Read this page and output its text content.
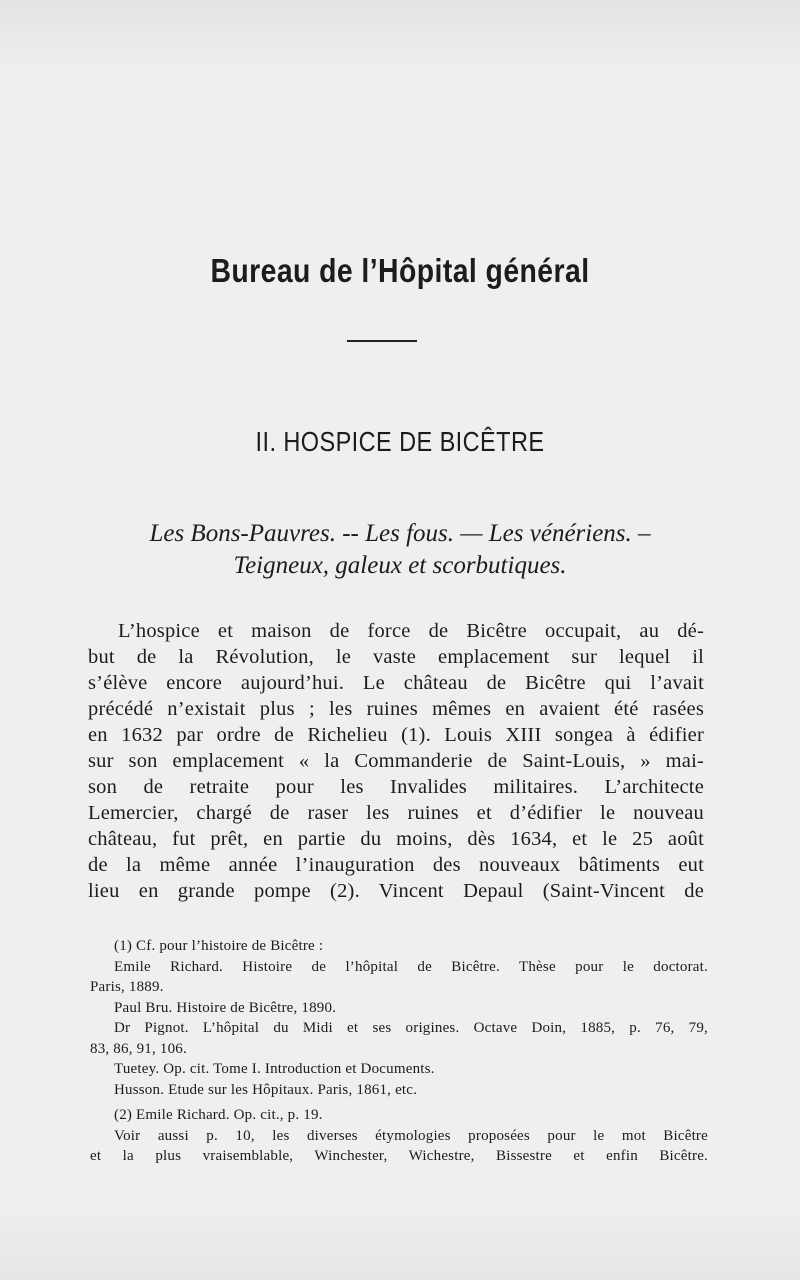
Bureau de l’Hôpital général
II. HOSPICE DE BICÊTRE
Les Bons-Pauvres. -- Les fous. — Les vénériens. –
Teigneux, galeux et scorbutiques.
L’hospice et maison de force de Bicêtre occupait, au dé-
but de la Révolution, le vaste emplacement sur lequel il
s’élève encore aujourd’hui. Le château de Bicêtre qui l’avait
précédé n’existait plus ; les ruines mêmes en avaient été rasées
en 1632 par ordre de Richelieu (1). Louis XIII songea à édifier
sur son emplacement « la Commanderie de Saint-Louis, » mai-
son de retraite pour les Invalides militaires. L’architecte
Lemercier, chargé de raser les ruines et d’édifier le nouveau
château, fut prêt, en partie du moins, dès 1634, et le 25 août
de la même année l’inauguration des nouveaux bâtiments eut
lieu en grande pompe (2). Vincent Depaul (Saint-Vincent de
(1) Cf. pour l’histoire de Bicêtre :
Emile Richard. Histoire de l’hôpital de Bicêtre. Thèse pour le doctorat.
Paris, 1889.
Paul Bru. Histoire de Bicêtre, 1890.
Dr Pignot. L’hôpital du Midi et ses origines. Octave Doin, 1885, p. 76, 79,
83, 86, 91, 106.
Tuetey. Op. cit. Tome I. Introduction et Documents.
Husson. Etude sur les Hôpitaux. Paris, 1861, etc.
(2) Emile Richard. Op. cit., p. 19.
Voir aussi p. 10, les diverses étymologies proposées pour le mot Bicêtre
et la plus vraisemblable, Winchester, Wichestre, Bissestre et enfin Bicêtre.
